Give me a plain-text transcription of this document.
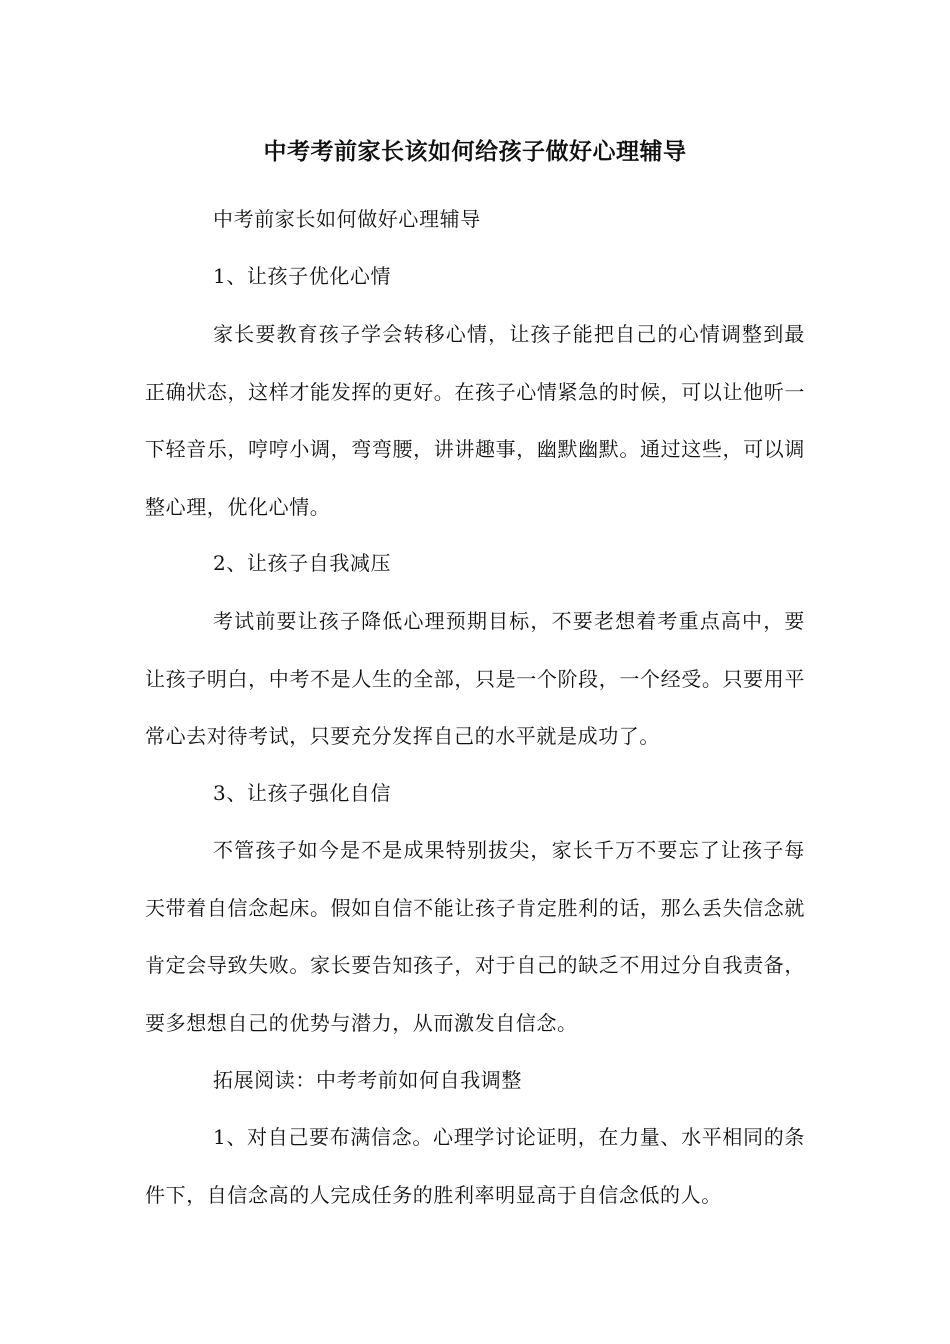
中考考前家长该如何给孩子做好心理辅导

中考前家长如何做好心理辅导

1、让孩子优化心情

家长要教育孩子学会转移心情，让孩子能把自己的心情调整到最正确状态，这样才能发挥的更好。在孩子心情紧急的时候，可以让他听一下轻音乐，哼哼小调，弯弯腰，讲讲趣事，幽默幽默。通过这些，可以调整心理，优化心情。

2、让孩子自我减压

考试前要让孩子降低心理预期目标，不要老想着考重点高中，要让孩子明白，中考不是人生的全部，只是一个阶段，一个经受。只要用平常心去对待考试，只要充分发挥自己的水平就是成功了。

3、让孩子强化自信

不管孩子如今是不是成果特别拔尖，家长千万不要忘了让孩子每天带着自信念起床。假如自信不能让孩子肯定胜利的话，那么丢失信念就肯定会导致失败。家长要告知孩子，对于自己的缺乏不用过分自我责备，要多想想自己的优势与潜力，从而激发自信念。

拓展阅读：中考考前如何自我调整

1、对自己要布满信念。心理学讨论证明，在力量、水平相同的条件下，自信念高的人完成任务的胜利率明显高于自信念低的人。
